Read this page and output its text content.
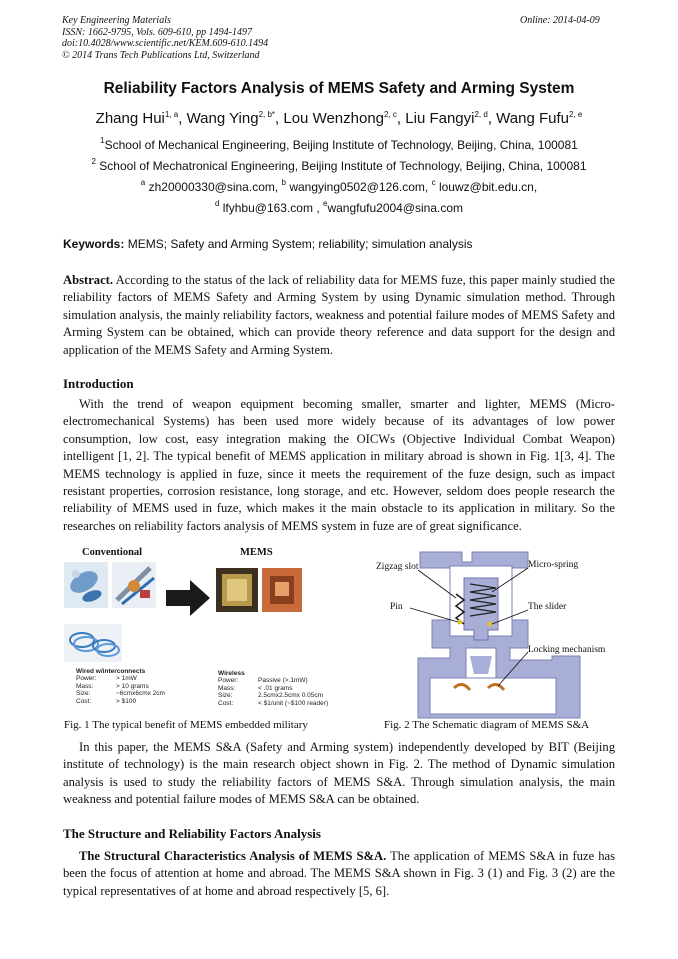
Key Engineering Materials
ISSN: 1662-9795, Vols. 609-610, pp 1494-1497
doi:10.4028/www.scientific.net/KEM.609-610.1494
© 2014 Trans Tech Publications Ltd, Switzerland
Online: 2014-04-09
Reliability Factors Analysis of MEMS Safety and Arming System
Zhang Hui$^{1, a}$, Wang Ying$^{2, b*}$, Lou Wenzhong$^{2, c}$, Liu Fangyi$^{2, d}$, Wang Fufu$^{2, e}$
$^1$School of Mechanical Engineering, Beijing Institute of Technology, Beijing, China, 100081
$^2$ School of Mechatronical Engineering, Beijing Institute of Technology, Beijing, China, 100081
$^a$ zh20000330@sina.com, $^b$ wangying0502@126.com, $^c$ louwz@bit.edu.cn,
$^d$ lfyhbu@163.com , $^e$wangfufu2004@sina.com
Keywords: MEMS; Safety and Arming System; reliability; simulation analysis

Abstract. According to the status of the lack of reliability data for MEMS fuze, this paper mainly studied the reliability factors of MEMS Safety and Arming System by using Dynamic simulation method. Through simulation analysis, the mainly reliability factors, weakness and potential failure modes of MEMS Safety and Arming System can be obtained, which can provide theory reference and data support for the design and application of the MEMS Safety and Arming System.

Introduction

With the trend of weapon equipment becoming smaller, smarter and lighter, MEMS (Micro-electromechanical Systems) has been used more widely because of its advantages of low power consumption, low cost, easy integration making the OICWs (Objective Individual Combat Weapon) intelligent [1, 2]. The typical benefit of MEMS application in military abroad is shown in Fig. 1[3, 4]. The MEMS technology is applied in fuze, since it meets the requirement of the fuze design, such as impact resistant properties, corrosion resistance, long storage, and etc. However, seldom does people research the reliability of MEMS used in fuze, which makes it the main obstacle to its application in military. So the researches on reliability factors analysis of MEMS system in fuze are of great significance.

Conventional	MEMS
Wired w/interconnects
Power:	> 1mW
Mass:	> 10 grams
Size:	~6cmx6cmx 2cm
Cost:	> $100
Wireless
Power:	Passive (>.1mW)
Mass:	< .01 grams
Size:	2.5cmx2.5cmx 0.05cm
Cost:	< $1/unit (~$100 reader)
Fig. 1 The typical benefit of MEMS embedded military
Zigzag slot	Micro-spring
Pin	The slider
Locking mechanism
Fig. 2 The Schematic diagram of MEMS S&A

In this paper, the MEMS S&A (Safety and Arming system) independently developed by BIT (Beijing institute of technology) is the main research object shown in Fig. 2. The method of Dynamic simulation analysis is used to study the reliability factors of MEMS S&A. Through simulation analysis, the main weakness and potential failure modes of MEMS S&A can be obtained.

The Structure and Reliability Factors Analysis

The Structural Characteristics Analysis of MEMS S&A. The application of MEMS S&A in fuze has been the focus of attention at home and abroad. The MEMS S&A shown in Fig. 3 (1) and Fig. 3 (2) are the typical representatives of at home and abroad respectively [5, 6].
